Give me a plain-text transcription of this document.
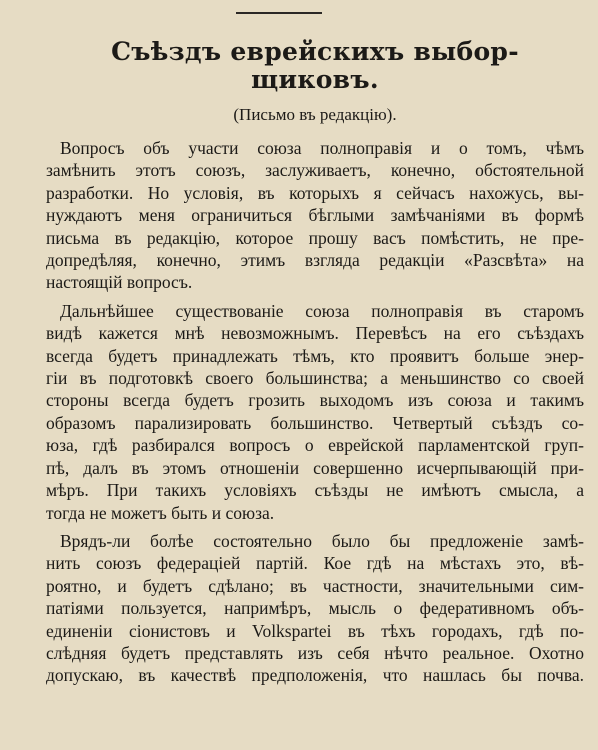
Съѣздъ еврейскихъ выбор-
щиковъ.
(Письмо въ редакцію).
Вопросъ объ участи союза полноправія и о томъ, чѣмъ
замѣнить этотъ союзъ, заслуживаетъ, конечно, обстоятельной
разработки. Но условія, въ которыхъ я сейчасъ нахожусь, вы-
нуждаютъ меня ограничиться бѣглыми замѣчаніями въ формѣ
письма въ редакцію, которое прошу васъ помѣстить, не пре-
допредѣляя, конечно, этимъ взгляда редакціи «Разсвѣта» на
настоящій вопросъ.
Дальнѣйшее существованіе союза полноправія въ старомъ
видѣ кажется мнѣ невозможнымъ. Перевѣсъ на его съѣздахъ
всегда будетъ принадлежать тѣмъ, кто проявитъ больше энер-
гіи въ подготовкѣ своего большинства; а меньшинство со своей
стороны всегда будетъ грозить выходомъ изъ союза и такимъ
образомъ парализировать большинство. Четвертый съѣздъ со-
юза, гдѣ разбирался вопросъ о еврейской парламентской груп-
пѣ, далъ въ этомъ отношеніи совершенно исчерпывающій при-
мѣръ. При такихъ условіяхъ съѣзды не имѣютъ смысла, а
тогда не можетъ быть и союза.
Врядъ-ли болѣе состоятельно было бы предложеніе замѣ-
нить союзъ федераціей партій. Кое гдѣ на мѣстахъ это, вѣ-
роятно, и будетъ сдѣлано; въ частности, значительными сим-
патіями пользуется, напримѣръ, мысль о федеративномъ объ-
единеніи сіонистовъ и Volkspartei въ тѣхъ городахъ, гдѣ по-
слѣдняя будетъ представлять изъ себя нѣчто реальное. Охотно
допускаю, въ качествѣ предположенія, что нашлась бы почва.
